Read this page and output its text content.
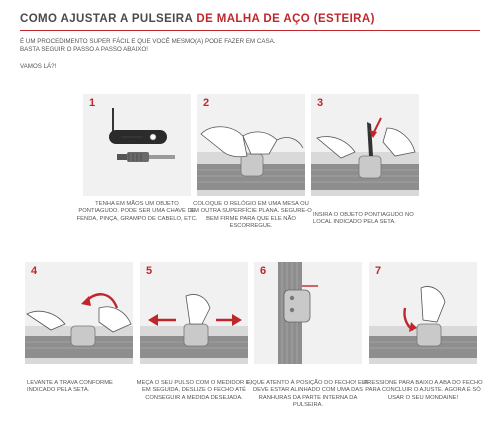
COMO AJUSTAR A PULSEIRA DE MALHA DE AÇO (ESTEIRA)
É UM PROCEDIMENTO SUPER FÁCIL E QUE VOCÊ MESMO(A) PODE FAZER EM CASA.
BASTA SEGUIR O PASSO A PASSO ABAIXO!
VAMOS LÁ?!
1
TENHA EM MÃOS UM OBJETO PONTIAGUDO. PODE SER UMA CHAVE DE FENDA, PINÇA, GRAMPO DE CABELO, ETC.
2
COLOQUE O RELÓGIO EM UMA MESA OU EM OUTRA SUPERFÍCIE PLANA. SEGURE-O BEM FIRME PARA QUE ELE NÃO ESCORREGUE.
3
INSIRA O OBJETO PONTIAGUDO NO LOCAL INDICADO PELA SETA.
4
LEVANTE A TRAVA CONFORME INDICADO PELA SETA.
5
MEÇA O SEU PULSO COM O MEDIDOR E, EM SEGUIDA, DESLIZE O FECHO ATÉ CONSEGUIR A MEDIDA DESEJADA.
6
FIQUE ATENTO À POSIÇÃO DO FECHO! ELE DEVE ESTAR ALINHADO COM UMA DAS RANHURAS DA PARTE INTERNA DA PULSEIRA.
7
PRESSIONE PARA BAIXO A ABA DO FECHO PARA CONCLUIR O AJUSTE. AGORA É SÓ USAR O SEU MONDAINE!
